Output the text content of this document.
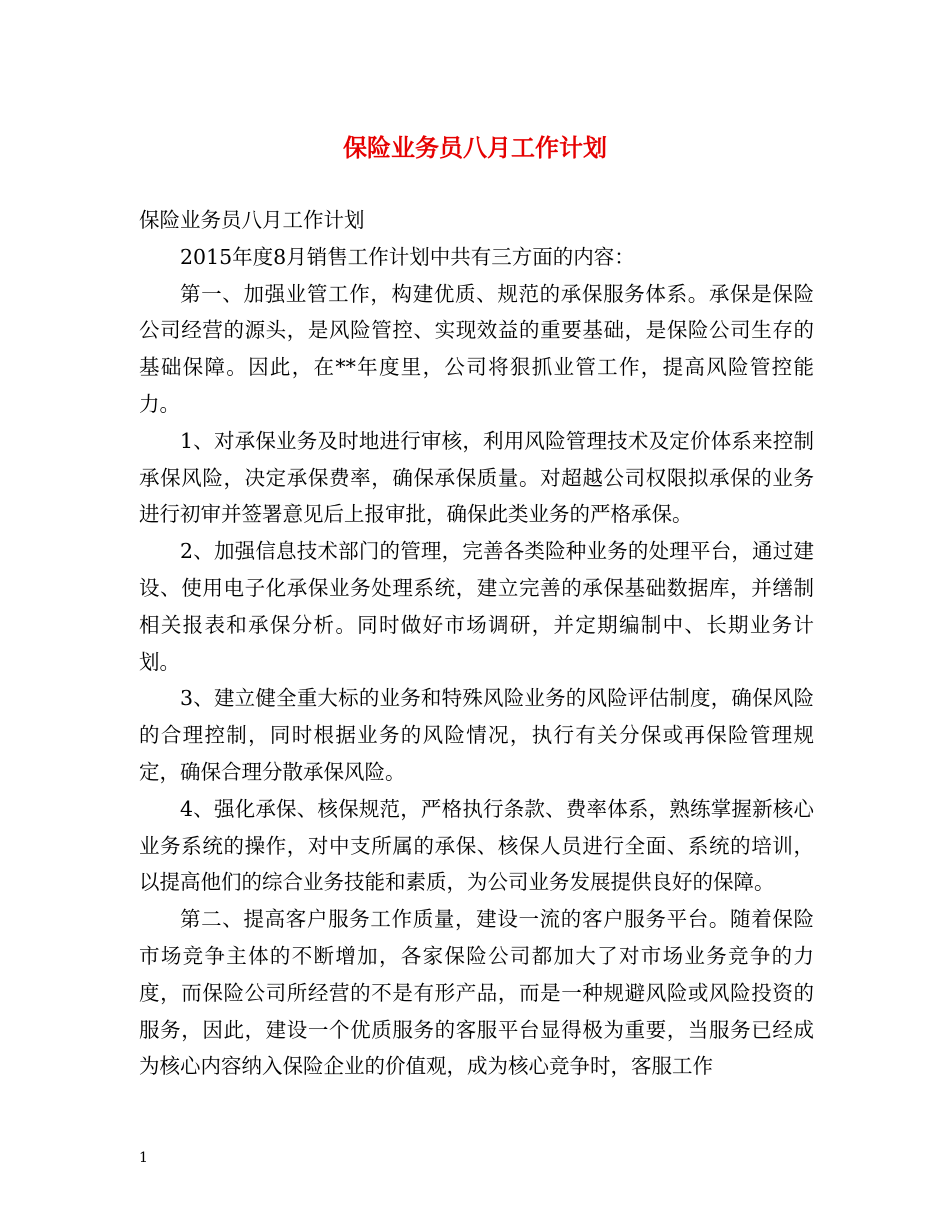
保险业务员八月工作计划

保险业务员八月工作计划

2015年度8月销售工作计划中共有三方面的内容：

第一、加强业管工作，构建优质、规范的承保服务体系。承保是保险公司经营的源头，是风险管控、实现效益的重要基础，是保险公司生存的基础保障。因此，在**年度里，公司将狠抓业管工作，提高风险管控能力。

1、对承保业务及时地进行审核，利用风险管理技术及定价体系来控制承保风险，决定承保费率，确保承保质量。对超越公司权限拟承保的业务进行初审并签署意见后上报审批，确保此类业务的严格承保。

2、加强信息技术部门的管理，完善各类险种业务的处理平台，通过建设、使用电子化承保业务处理系统，建立完善的承保基础数据库，并缮制相关报表和承保分析。同时做好市场调研，并定期编制中、长期业务计划。

3、建立健全重大标的业务和特殊风险业务的风险评估制度，确保风险的合理控制，同时根据业务的风险情况，执行有关分保或再保险管理规定，确保合理分散承保风险。

4、强化承保、核保规范，严格执行条款、费率体系，熟练掌握新核心业务系统的操作，对中支所属的承保、核保人员进行全面、系统的培训，以提高他们的综合业务技能和素质，为公司业务发展提供良好的保障。

第二、提高客户服务工作质量，建设一流的客户服务平台。随着保险市场竞争主体的不断增加，各家保险公司都加大了对市场业务竞争的力度，而保险公司所经营的不是有形产品，而是一种规避风险或风险投资的服务，因此，建设一个优质服务的客服平台显得极为重要，当服务已经成为核心内容纳入保险企业的价值观，成为核心竞争时，客服工作

1
